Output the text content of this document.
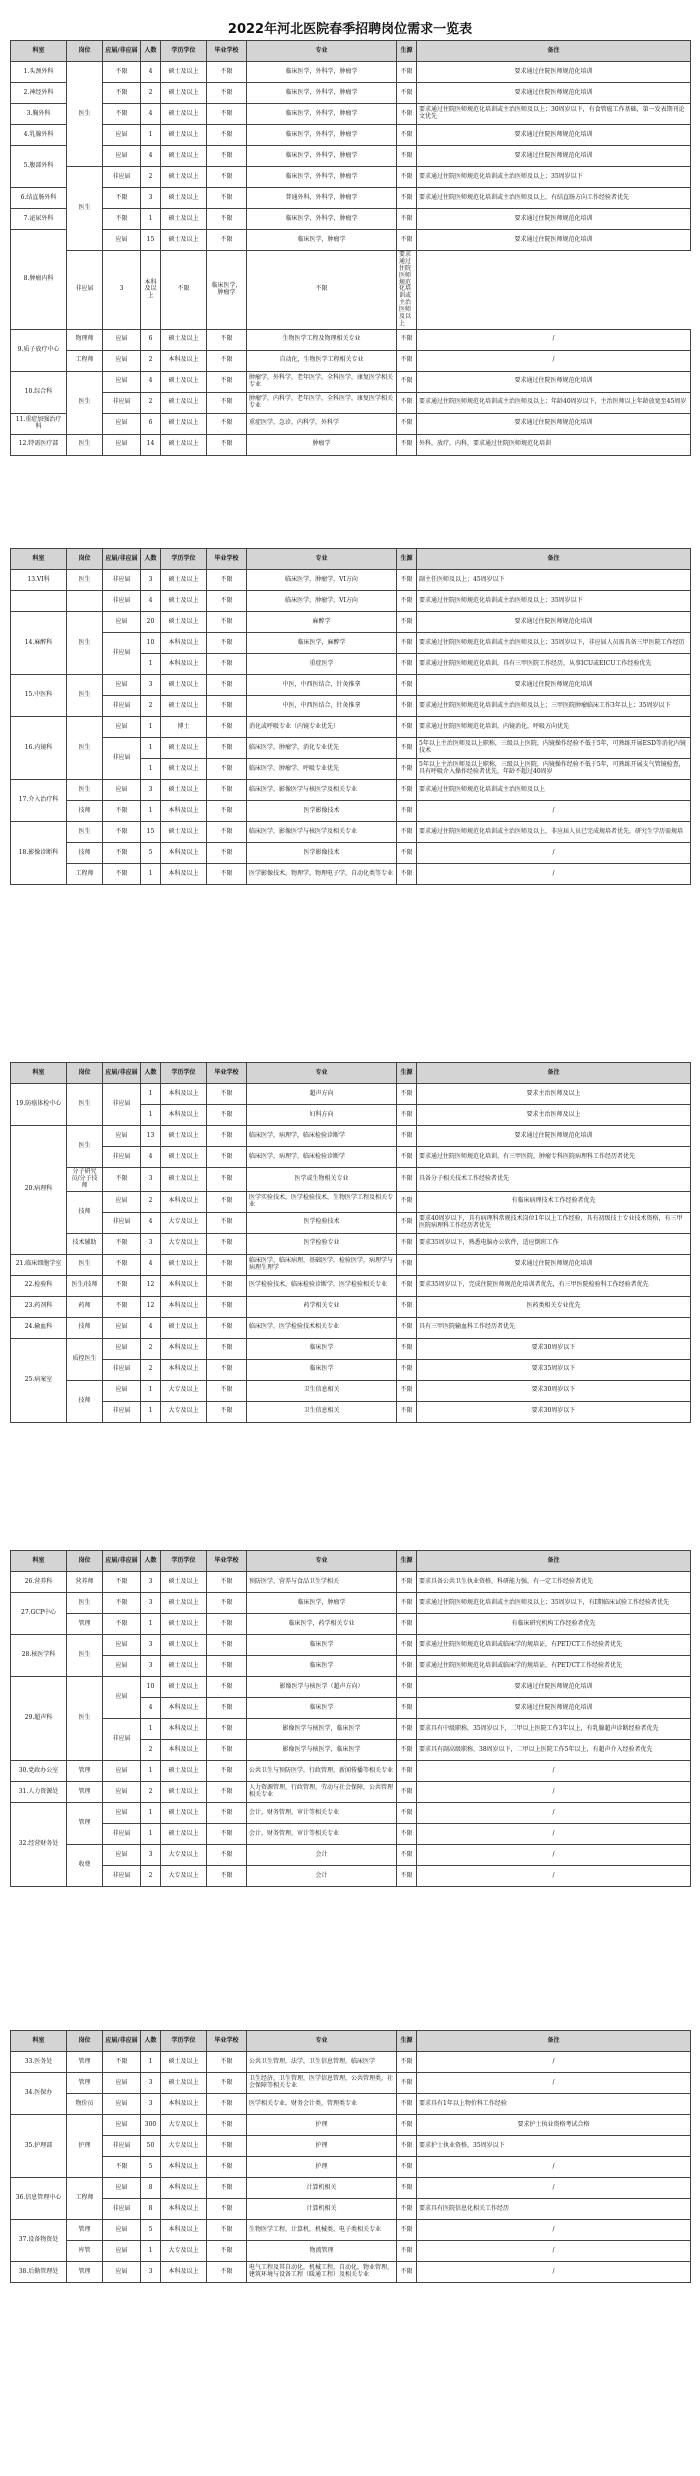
2022年河北医院春季招聘岗位需求一览表
科室	岗位	应届/非应届	人数	学历学位	毕业学校	专业	生源	备注
1.头颈外科	医生	不限	4	硕士及以上	不限	临床医学，外科学，肿瘤学	不限	要求通过住院医师规范化培训
2.神经外科		不限	2	硕士及以上	不限	临床医学，外科学，肿瘤学	不限	要求通过住院医师规范化培训
3.胸外科		不限	4	硕士及以上	不限	临床医学，外科学，肿瘤学	不限	要求通过住院医师规范化培训或主治医师及以上；30周岁以下，有食管癌工作基础，第一发表期刊论文优先
4.乳腺外科		应届	1	硕士及以上	不限	临床医学，外科学，肿瘤学	不限	要求通过住院医师规范化培训
5.腹部外科		应届	4	硕士及以上	不限	临床医学，外科学，肿瘤学	不限	要求通过住院医师规范化培训
	医生	非应届	2	硕士及以上	不限	临床医学，外科学，肿瘤学	不限	要求通过住院医师规范化培训或主治医师及以上；35周岁以下
6.结直肠外科		不限	3	硕士及以上	不限	普通外科，外科学，肿瘤学	不限	要求通过住院医师规范化培训或主治医师及以上，有结直肠方向工作经验者优先
7.泌尿外科		不限	1	硕士及以上	不限	临床医学，外科学，肿瘤学	不限	要求通过住院医师规范化培训
8.肿瘤内科		应届	15	硕士及以上	不限	临床医学，肿瘤学	不限	要求通过住院医师规范化培训
	非应届	3	本科及以上	不限	临床医学，肿瘤学	不限	要求通过住院医师规范化培训或主治医师及以上	
9.质子放疗中心	物理师	应届	6	硕士及以上	不限	生物医学工程及物理相关专业	不限	/
	工程师	应届	2	本科及以上	不限	自动化，生物医学工程相关专业	不限	/
10.综合科	医生	应届	4	硕士及以上	不限	肿瘤学，外科学，老年医学，全科医学，康复医学相关专业	不限	要求通过住院医师规范化培训
		非应届	2	硕士及以上	不限	肿瘤学，内科学，老年医学，全科医学，康复医学相关专业	不限	要求通过住院医师规范化培训或主治医师及以上；年龄40周岁以下，主治医师以上年龄放宽至45周岁
11.重症加强治疗科		应届	6	硕士及以上	不限	重症医学，急诊，内科学，外科学	不限	要求通过住院医师规范化培训
12.特需医疗部	医生	应届	14	硕士及以上	不限	肿瘤学	不限	外科，放疗，内科，要求通过住院医师规范化培训
科室	岗位	应届/非应届	人数	学历学位	毕业学校	专业	生源	备注
13.VI科	医生	非应届	3	硕士及以上	不限	临床医学，肿瘤学，VI方向	不限	副主任医师及以上；45周岁以下
		非应届	4	硕士及以上	不限	临床医学，肿瘤学，VI方向	不限	要求通过住院医师规范化培训或主治医师及以上；35周岁以下
14.麻醉科	医生	应届	20	硕士及以上	不限	麻醉学	不限	要求通过住院医师规范化培训
		非应届	10	本科及以上	不限	临床医学，麻醉学	不限	要求通过住院医师规范化培训或主治医师及以上；35周岁以下，非应届人员需具备三甲医院工作经历
			1	本科及以上	不限	重症医学	不限	要求通过住院医师规范化培训，具有三甲医院工作经历，从事ICU或EICU工作经验优先
15.中医科	医生	应届	3	硕士及以上	不限	中医，中西医结合，针灸推拿	不限	要求通过住院医师规范化培训
		非应届	2	硕士及以上	不限	中医，中西医结合，针灸推拿	不限	要求通过住院医师规范化培训或主治医师及以上；三甲医院肿瘤临床工作3年以上；35周岁以下
16.内镜科	医生	应届	1	博士	不限	消化或呼吸专业（内镜专业优先）	不限	要求通过住院医师规范化培训，内镜消化，呼吸方向优先
		非应届	1	硕士及以上	不限	临床医学，肿瘤学，消化专业优先	不限	5年以上主治医师及以上职称，三级以上医院，内镜操作经验不低于5年，可熟练开展ESD等消化内镜技术
			1	硕士及以上	不限	临床医学，肿瘤学，呼吸专业优先	不限	5年以上主治医师及以上职称，三级以上医院，内镜操作经验不低于5年，可熟练开展支气管镜检查，具有呼吸介入操作经验者优先，年龄不超过40周岁
17.介入治疗科	医生	应届	3	硕士及以上	不限	临床医学，影像医学与核医学及相关专业	不限	要求通过住院医师规范化培训或主治医师及以上
	技师	不限	1	本科及以上	不限	医学影像技术	不限	/
18.影像诊断科	医生	不限	15	硕士及以上	不限	临床医学，影像医学与核医学及相关专业	不限	要求通过住院医师规范化培训或主治医师及以上，非应届人员已完成规培者优先，研究生学历需规培
	技师	不限	5	本科及以上	不限	医学影像技术	不限	/
	工程师	不限	1	本科及以上	不限	医学影像技术，物理学，物理电子学，自动化类等专业	不限	/
科室	岗位	应届/非应届	人数	学历学位	毕业学校	专业	生源	备注
19.防癌体检中心	医生	非应届	1	本科及以上	不限	超声方向	不限	要求主治医师及以上
			1	本科及以上	不限	妇科方向	不限	要求主治医师及以上
20.病理科	医生	应届	13	硕士及以上	不限	临床医学，病理学，临床检验诊断学	不限	要求通过住院医师规范化培训
		非应届	4	硕士及以上	不限	临床医学，病理学，临床检验诊断学	不限	要求通过住院医师规范化培训，有三甲医院，肿瘤专科医院病理科工作经历者优先
	分子研究员/分子技师	不限	3	硕士及以上	不限	医学或生物相关专业	不限	具备分子相关技术工作经验者优先
	技师	应届	2	本科及以上	不限	医学实验技术，医学检验技术，生物医学工程及相关专业	不限	有临床病理技术工作经验者优先
		非应届	4	大专及以上	不限	医学检验技术	不限	要求40周岁以下，具有病理科常规技术岗位1年以上工作经验，具有初级技士专业技术资格，有三甲医院病理科工作经历者优先
	技术辅助	不限	3	大专及以上	不限	医学检验专业	不限	要求35周岁以下，熟悉电脑办公软件，适应倒班工作
21.临床细胞学室	医生	不限	4	硕士及以上	不限	临床医学，临床病理，基础医学，检验医学，病理学与病理生理学	不限	要求通过住院医师规范化培训
22.检验科	医生/技师	不限	12	本科及以上	不限	医学检验技术，临床检验诊断学，医学检验相关专业	不限	要求35周岁以下，完成住院医师规范化培训者优先，有三甲医院检验科工作经验者优先
23.药剂科	药师	不限	12	本科及以上	不限	药学相关专业	不限	医药类相关专业优先
24.输血科	技师	应届	4	硕士及以上	不限	临床医学，医学检验技术相关专业	不限	具有三甲医院输血科工作经历者优先
25.病案室	质控医生	应届	2	本科及以上	不限	临床医学	不限	要求30周岁以下
		非应届	2	本科及以上	不限	临床医学	不限	要求35周岁以下
	技师	应届	1	大专及以上	不限	卫生信息相关	不限	要求30周岁以下
		非应届	1	大专及以上	不限	卫生信息相关	不限	要求30周岁以下
科室	岗位	应届/非应届	人数	学历学位	毕业学校	专业	生源	备注
26.营养科	营养师	不限	3	硕士及以上	不限	预防医学，营养与食品卫生学相关	不限	要求具备公共卫生执业资格，科研能力强，有一定工作经验者优先
27.GCP中心	医生	不限	3	硕士及以上	不限	临床医学，肿瘤学	不限	要求通过住院医师规范化培训或主治医师及以上；35周岁以下，有I期临床试验工作经验者优先
	管理	不限	1	硕士及以上	不限	临床医学，药学相关专业	不限	有临床研究机构工作经验者优先
28.核医学科	医生	应届	3	硕士及以上	不限	临床医学	不限	要求通过住院医师规范化培训或临床学的规培证，有PET/CT工作经验者优先
		应届	3	硕士及以上	不限	临床医学	不限	要求通过住院医师规范化培训或临床学的规培证，有PET/CT工作经验者优先
29.超声科	医生	应届	10	硕士及以上	不限	影像医学与核医学（超声方向）	不限	要求通过住院医师规范化培训
			4	本科及以上	不限	临床医学	不限	要求通过住院医师规范化培训
		非应届	1	本科及以上	不限	影像医学与核医学，临床医学	不限	要求具有中级职称，35周岁以下，二甲以上医院工作3年以上，有乳腺超声诊断经验者优先
			2	本科及以上	不限	影像医学与核医学，临床医学	不限	要求具有副高级职称，38周岁以下，二甲以上医院工作5年以上，有超声介入经验者优先
30.党政办公室	管理	应届	1	硕士及以上	不限	公共卫生与预防医学，行政管理，新闻传播等相关专业	不限	/
31.人力资源处	管理	应届	2	硕士及以上	不限	人力资源管理，行政管理，劳动与社会保障，公共管理相关专业	不限	/
32.经营财务处	管理	应届	1	硕士及以上	不限	会计，财务管理，审计等相关专业	不限	/
		非应届	1	硕士及以上	不限	会计，财务管理，审计等相关专业	不限	/
	收费	应届	3	大专及以上	不限	会计	不限	/
		非应届	2	大专及以上	不限	会计	不限	/
科室	岗位	应届/非应届	人数	学历学位	毕业学校	专业	生源	备注
33.医务处	管理	不限	1	硕士及以上	不限	公共卫生管理，法学，卫生信息管理，临床医学	不限	/
34.医保办	管理	应届	3	硕士及以上	不限	卫生经济，卫生管理，医学信息管理，公共管理类，社会保障等相关专业	不限	/
	物价员	应届	3	本科及以上	不限	医学相关专业，财务会计类，管理类专业	不限	要求具有1年以上物价科工作经验
35.护理部	护理	应届	300	大专及以上	不限	护理	不限	要求护士执业资格考试合格
		非应届	50	大专及以上	不限	护理	不限	要求护士执业资格，35周岁以下
		不限	5	本科及以上	不限	护理	不限	/
36.信息管理中心	工程师	应届	8	本科及以上	不限	计算机相关	不限	/
		非应届	8	本科及以上	不限	计算机相关	不限	要求具有医院信息化相关工作经历
37.设备物资处	管理	应届	5	本科及以上	不限	生物医学工程，计算机，机械类，电子类相关专业	不限	/
	库管	应届	1	大专及以上	不限	物流管理	不限	/
38.后勤管理处	管理	应届	3	本科及以上	不限	电气工程及其自动化，机械工程，自动化，物业管理，建筑环境与设备工程（暖通工程）及相关专业	不限	/
